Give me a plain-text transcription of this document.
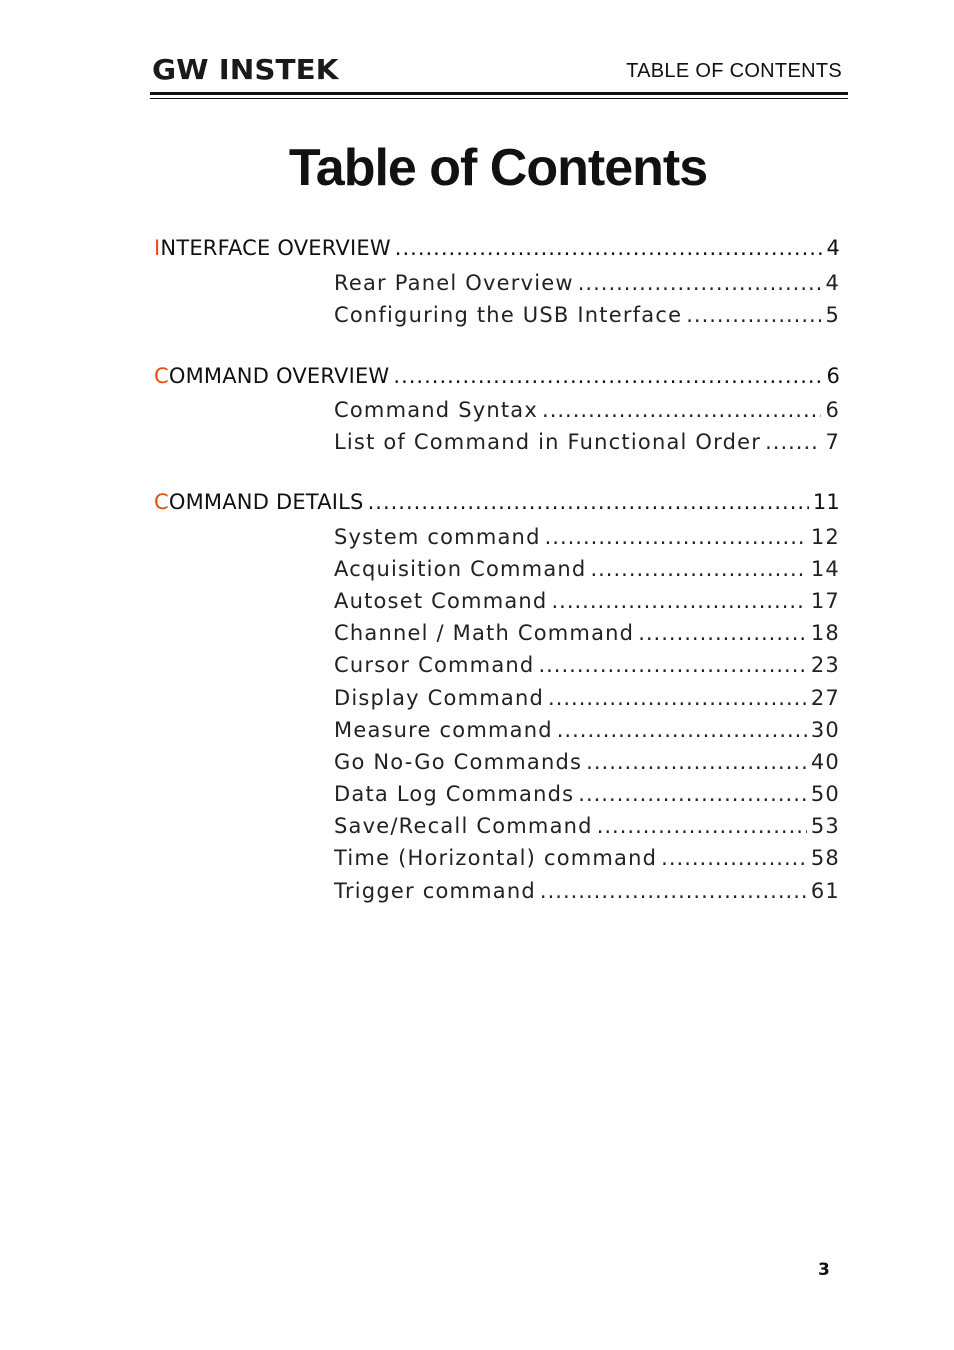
GW INSTEK	TABLE OF CONTENTS
Table of Contents
INTERFACE OVERVIEW .....	4
Rear Panel Overview .....	4
Configuring the USB Interface .....	5
COMMAND OVERVIEW .....	6
Command Syntax .....	6
List of Command in Functional Order .....	7
COMMAND DETAILS .....	11
System command .....	12
Acquisition Command .....	14
Autoset Command .....	17
Channel / Math Command .....	18
Cursor Command .....	23
Display Command .....	27
Measure command .....	30
Go No-Go Commands .....	40
Data Log Commands .....	50
Save/Recall Command .....	53
Time (Horizontal) command .....	58
Trigger command .....	61
3
